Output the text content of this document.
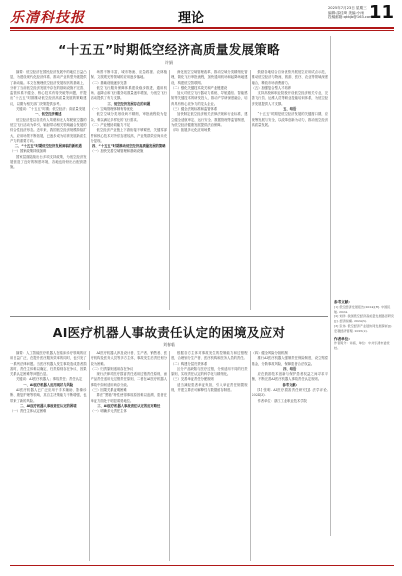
乐清科技报	理论
2025年7月23日 星期三
编辑:邵佳琦 美编:小雨
投稿邮箱:qkkjb@163.com
11
“十五五”时期低空经济高质量发展策略
许娟

摘要：低空经济在国民经济发展中的地位日益凸显，为建设现代化经济体系、推动产业转型升级提供了新动能。本文在梳理低空经济发展现状的基础上，分析了当前低空经济发展中存在的基础设施不完善、监管体系不健全、核心技术有待突破等问题，并提出“十五五”时期推动低空经济高质量发展的策略建议，以期为相关部门决策提供参考。

关键词：“十五五”时期；低空经济；高质量发展

一、低空经济概述

低空经济是以各类有人驾驶和无人驾驶航空器的低空飞行活动为牵引，辐射带动相关领域融合发展的综合性经济形态。近年来，我国低空经济规模持续扩大，应用场景不断拓展，已逐步成为培育发展新质生产力的重要方向。

二、“十五五”时期低空经济发展面临的新机遇

（一）国家政策持续加码

国家层面陆续出台多项支持政策，为低空经济发展营造了良好的制度环境，各地也纷纷出台配套措施。

场景不断丰富，城市物流、应急救援、农林植保、文旅观光等领域的应用逐步落地。

（二）基础设施逐步完善

低空飞行服务保障体系建设稳步推进，通用机场、起降点和飞行服务站数量逐年增加，为低空飞行活动提供了有力支撑。

三、低空经济发展存在的问题

（一）空域管理体制有待优化

低空空域分类划设尚不精细，审批流程较为复杂，难以满足多样化的飞行需求。

（二）产业链协同能力不足

低空经济产业链上下游衔接不够紧密，关键零部件和核心技术对外依存度较高，产业集群效应尚未充分显现。

四、“十五五”时期推动低空经济高质量发展的策略

（一）加快完善空域管理和基础设施

深化低空空域管理改革，推动空域分类精细化管理，简化飞行审批流程，加快通用机场和起降场地建设，构建低空智联网。

（二）强化关键技术攻关和产业链建设

加大对低空飞行器动力系统、导航通信、智能感知等关键技术的研发投入，推动产学研深度融合，培育具有核心竞争力的龙头企业。

（三）健全法规标准和监管体系

加快制定低空经济相关法律法规和行业标准，建立健全适航审定、运行安全、数据管理等监管制度，为低空经济健康发展提供法治保障。

（四）拓展多元化应用场景

鼓励各地结合自身优势开展低空应用试点示范，推动低空经济与物流、旅游、医疗、农业等领域深度融合，释放市场消费潜力。

（五）加强复合型人才培养

支持高校和职业院校开设低空经济相关专业，完善飞行员、运维人员等职业技能培训体系，为低空经济发展提供人才支撑。

五、结语

“十五五”时期是低空经济发展的关键窗口期，应统筹发展与安全，以改革创新为动力，推动低空经济高质量发展。

参考文献:
[1] 低空经济发展报告(2024)[R]. 中国民航, 2024.
[2] 刘洋. 我国低空经济高质量发展路径研究[J]. 经济纵横, 2024(5).
[3] 张伟. 低空经济产业链协同发展探析[J]. 宏观经济管理, 2025(2).
作者单位:
作者简介：许娟，单位：中共乐清市委党校。
AI医疗机器人事故责任认定的困境及应对
刘春临

摘要：人工智能医疗机器人在临床诊疗领域的应用日益广泛，在提升医疗服务效率的同时，也引发了一系列法律问题。当医疗机器人发生事故造成患者损害时，责任主体难以确定、归责原则存在争议、因果关系认定困难等问题凸显。

关键词：AI医疗机器人；事故责任；责任认定

一、AI医疗机器人应用现状与风险

AI医疗机器人已广泛应用于手术辅助、影像诊断、康复护理等领域，其自主决策能力不断增强，也带来了新的风险。

二、AI医疗机器人事故责任认定的困境

（一）责任主体认定困难

AI医疗机器人涉及设计者、生产者、销售者、医疗机构及医务人员等多方主体，事故发生后责任划分较为困难。

（二）归责原则适用存在争议

现行法律对医疗损害责任适用过错责任原则，而产品责任适用无过错责任原则，二者在AI医疗机器人事故中如何适用尚存分歧。

（三）因果关系证明困难

算法“黑箱”特性使得事故原因难以追溯，患者在举证方面处于明显弱势地位。

三、AI医疗机器人事故责任认定的应对路径

（一）明确多元责任主体

根据各方主体对事故发生的控制能力和过错程度，合理划分生产者、医疗机构和医务人员的责任。

（二）构建分层归责体系

区分产品缺陷与医疗过错，分别适用不同的归责原则，实现责任认定的科学化与精细化。

（三）完善举证责任分配规则

适当减轻患者举证负担，引入举证责任倒置规则，并建立算法可解释性与数据留存制度。

（四）健全风险分担机制

推行AI医疗机器人强制责任保险制度，设立赔偿基金，分散事故风险，保障患者合法权益。

四、结语

应在鼓励技术创新与保护患者权益之间寻求平衡，不断完善AI医疗机器人事故责任认定规则。

参考文献:

[1] 张明. AI医疗损害责任研究[J]. 法学评论, 2024(3).

作者单位：浙江工业职业技术学院
